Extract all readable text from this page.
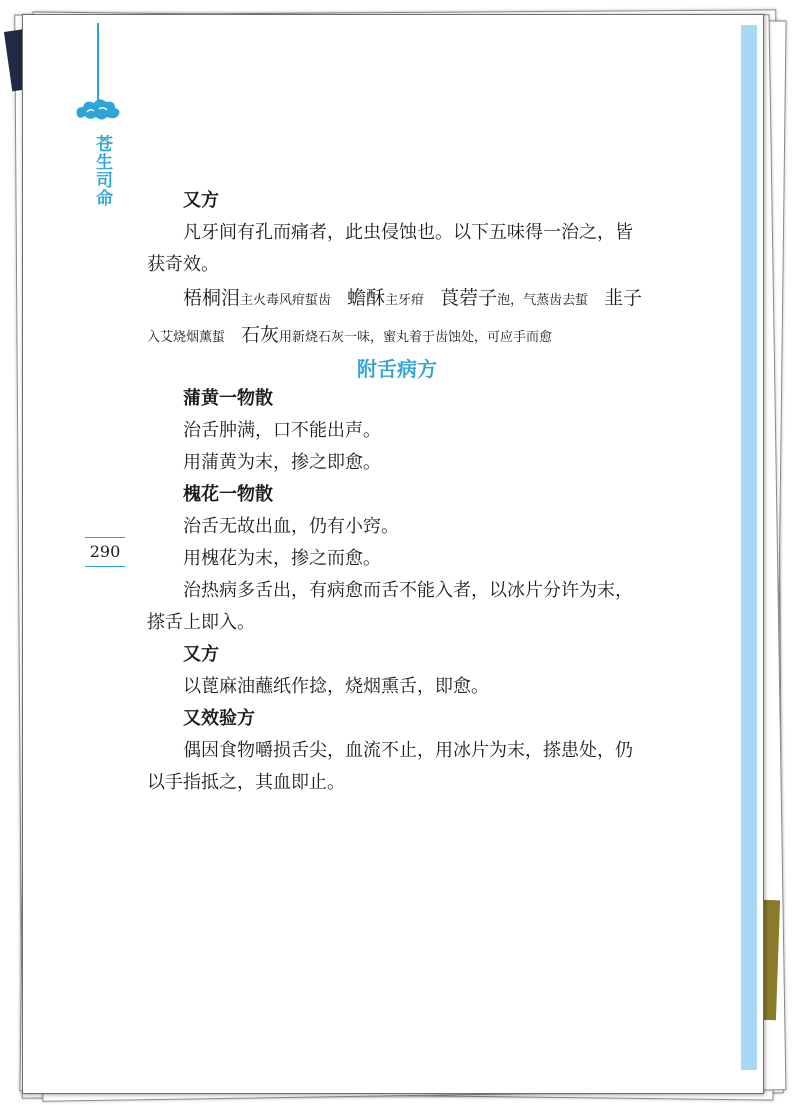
苍生司命
290

又方

凡牙间有孔而痛者，此虫侵蚀也。以下五味得一治之，皆获奇效。

梧桐泪主火毒风疳蜇齿 蟾酥主牙疳 莨菪子泡，气蒸齿去蜇 韭子入艾烧烟薰蜇 石灰用新烧石灰一味，蜜丸着于齿蚀处，可应手而愈

附舌病方

蒲黄一物散

治舌肿满，口不能出声。

用蒲黄为末，掺之即愈。

槐花一物散

治舌无故出血，仍有小窍。

用槐花为末，掺之而愈。

治热病多舌出，有病愈而舌不能入者，以冰片分许为末，搽舌上即入。

又方

以蓖麻油蘸纸作捻，烧烟熏舌，即愈。

又效验方

偶因食物嚼损舌尖，血流不止，用冰片为末，搽患处，仍以手指抵之，其血即止。
